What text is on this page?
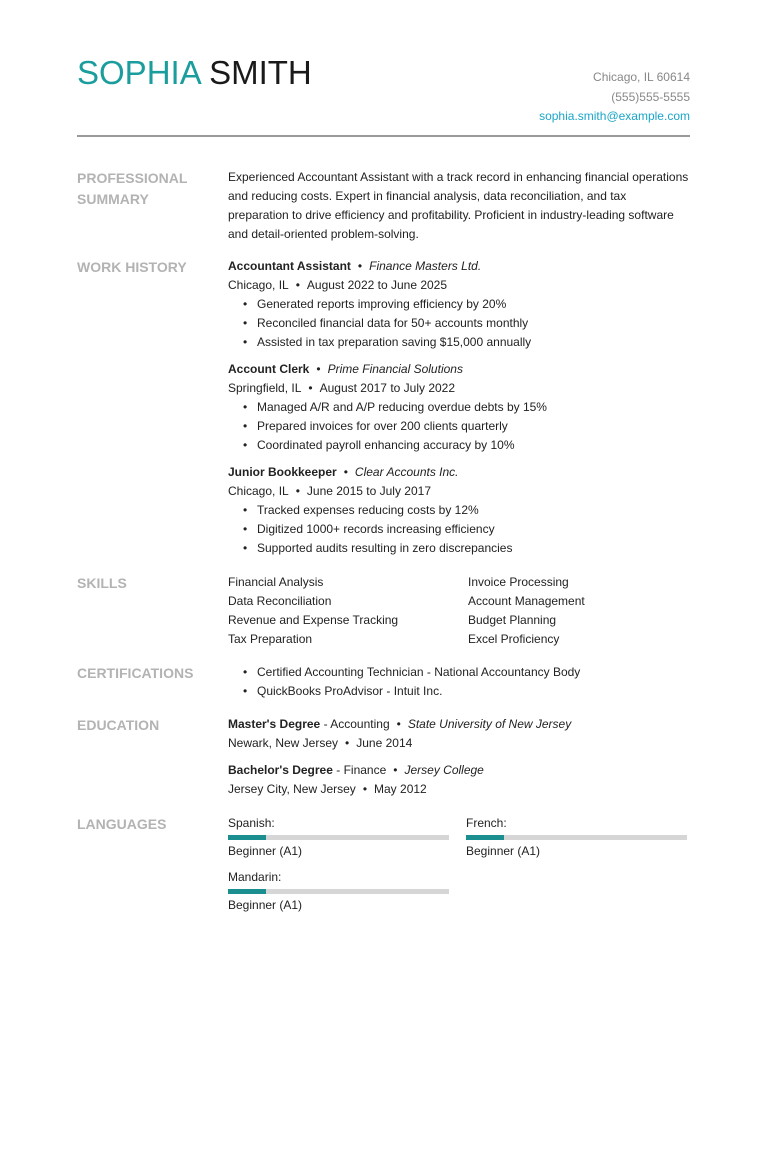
SOPHIA SMITH	Chicago, IL 60614
(555)555-5555
sophia.smith@example.com
PROFESSIONAL
SUMMARY
Experienced Accountant Assistant with a track record in enhancing financial operations and reducing costs. Expert in financial analysis, data reconciliation, and tax preparation to drive efficiency and profitability. Proficient in industry-leading software and detail-oriented problem-solving.
WORK HISTORY	Accountant Assistant • Finance Masters Ltd.
Chicago, IL • August 2022 to June 2025
• Generated reports improving efficiency by 20%
• Reconciled financial data for 50+ accounts monthly
• Assisted in tax preparation saving $15,000 annually
Account Clerk • Prime Financial Solutions
Springfield, IL • August 2017 to July 2022
• Managed A/R and A/P reducing overdue debts by 15%
• Prepared invoices for over 200 clients quarterly
• Coordinated payroll enhancing accuracy by 10%
Junior Bookkeeper • Clear Accounts Inc.
Chicago, IL • June 2015 to July 2017
• Tracked expenses reducing costs by 12%
• Digitized 1000+ records increasing efficiency
• Supported audits resulting in zero discrepancies
SKILLS	Financial Analysis	Invoice Processing
Data Reconciliation	Account Management
Revenue and Expense Tracking	Budget Planning
Tax Preparation	Excel Proficiency
CERTIFICATIONS
•	Certified Accounting Technician - National Accountancy Body
• QuickBooks ProAdvisor - Intuit Inc.
EDUCATION	Master's Degree - Accounting • State University of New Jersey
Newark, New Jersey • June 2014
Bachelor's Degree - Finance • Jersey College
Jersey City, New Jersey • May 2012
LANGUAGES	Spanish:
Beginner (A1)
French:
Beginner (A1)
Mandarin:
Beginner (A1)
